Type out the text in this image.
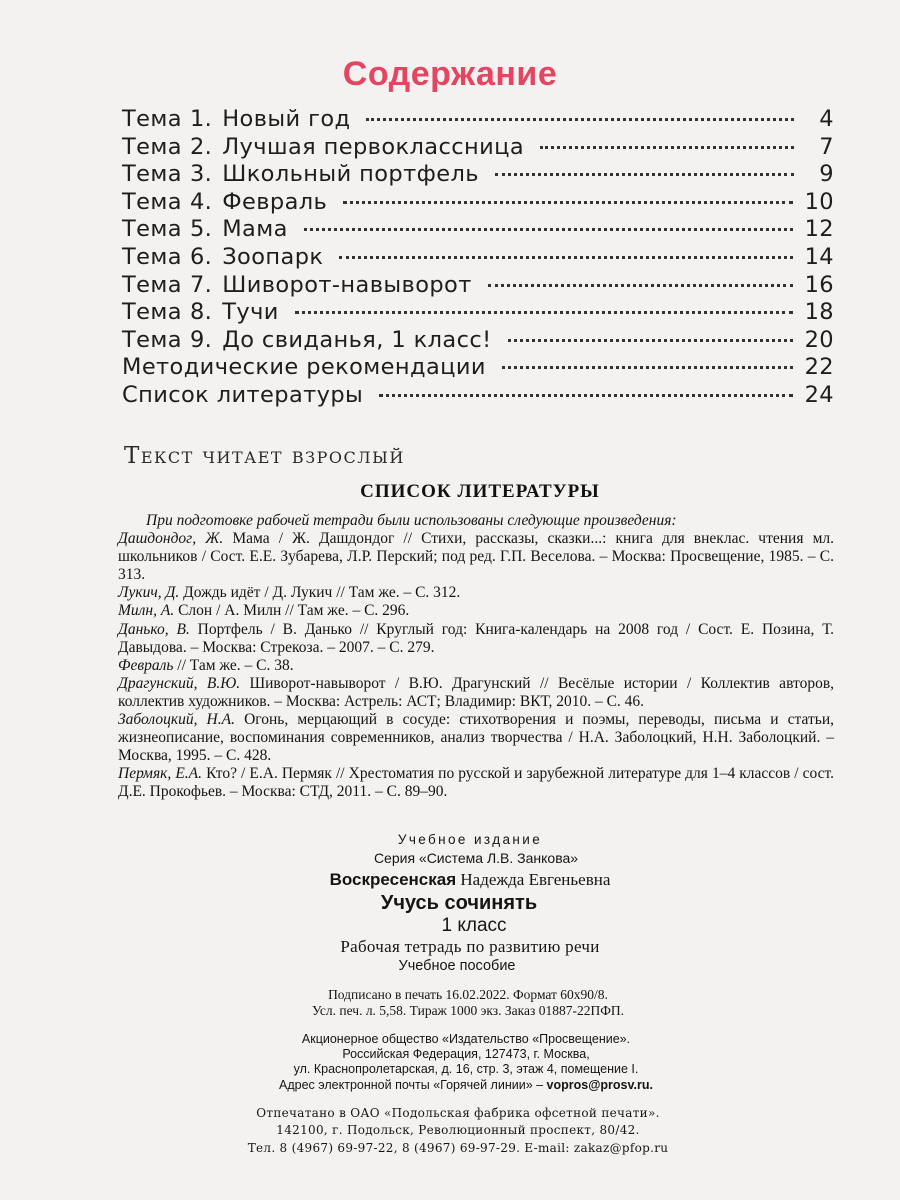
Содержание
Тема 1. Новый год	4
Тема 2. Лучшая первоклассница	7
Тема 3. Школьный портфель	9
Тема 4. Февраль	10
Тема 5. Мама	12
Тема 6. Зоопарк	14
Тема 7. Шиворот-навыворот	16
Тема 8. Тучи	18
Тема 9. До свиданья, 1 класс!	20
Методические рекомендации	22
Список литературы	24
Текст читает взрослый
СПИСОК ЛИТЕРАТУРЫ

При подготовке рабочей тетради были использованы следующие произведения:

Дашдондог, Ж. Мама / Ж. Дашдондог // Стихи, рассказы, сказки...: книга для внеклас. чтения мл. школьников / Сост. Е.Е. Зубарева, Л.Р. Перский; под ред. Г.П. Веселова. – Москва: Просвещение, 1985. – С. 313.

Лукич, Д. Дождь идёт / Д. Лукич // Там же. – С. 312.

Милн, А. Слон / А. Милн // Там же. – С. 296.

Данько, В. Портфель / В. Данько // Круглый год: Книга-календарь на 2008 год / Сост. Е. Позина, Т. Давыдова. – Москва: Стрекоза. – 2007. – С. 279.

Февраль // Там же. – С. 38.

Драгунский, В.Ю. Шиворот-навыворот / В.Ю. Драгунский // Весёлые истории / Коллектив авторов, коллектив художников. – Москва: Астрель: АСТ; Владимир: ВКТ, 2010. – С. 46.

Заболоцкий, Н.А. Огонь, мерцающий в сосуде: стихотворения и поэмы, переводы, письма и статьи, жизнеописание, воспоминания современников, анализ творчества / Н.А. Заболоцкий, Н.Н. Заболоцкий. – Москва, 1995. – С. 428.

Пермяк, Е.А. Кто? / Е.А. Пермяк // Хрестоматия по русской и зарубежной литературе для 1–4 классов / сост. Д.Е. Прокофьев. – Москва: СТД, 2011. – С. 89–90.

Учебное издание
Серия «Система Л.В. Занкова»
Воскресенская Надежда Евгеньевна
Учусь сочинять
1 класс
Рабочая тетрадь по развитию речи
Учебное пособие
Подписано в печать 16.02.2022. Формат 60х90/8.
Усл. печ. л. 5,58. Тираж 1000 экз. Заказ 01887-22ПФП.
Акционерное общество «Издательство «Просвещение».
Российская Федерация, 127473, г. Москва,
ул. Краснопролетарская, д. 16, стр. 3, этаж 4, помещение I.
Адрес электронной почты «Горячей линии» – vopros@prosv.ru.
Отпечатано в ОАО «Подольская фабрика офсетной печати».
142100, г. Подольск, Революционный проспект, 80/42.
Тел. 8 (4967) 69-97-22, 8 (4967) 69-97-29. E-mail: zakaz@pfop.ru
